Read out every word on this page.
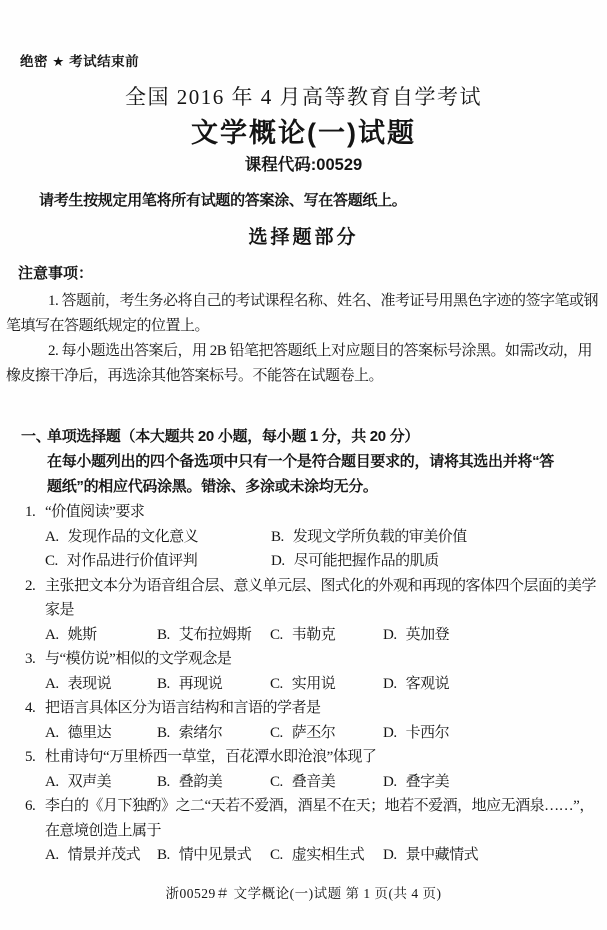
绝密 ★ 考试结束前
全国 2016 年 4 月高等教育自学考试
文学概论(一)试题
课程代码:00529
请考生按规定用笔将所有试题的答案涂、写在答题纸上。
选择题部分
注意事项：
1. 答题前，考生务必将自己的考试课程名称、姓名、准考证号用黑色字迹的签字笔或钢笔填写在答题纸规定的位置上。
2. 每小题选出答案后，用 2B 铅笔把答题纸上对应题目的答案标号涂黑。如需改动，用橡皮擦干净后，再选涂其他答案标号。不能答在试题卷上。
一、
单项选择题（本大题共 20 小题，每小题 1 分，共 20 分）
在每小题列出的四个备选项中只有一个是符合题目要求的，请将其选出并将“答题纸”的相应代码涂黑。错涂、多涂或未涂均无分。
1. “价值阅读”要求
A. 发现作品的文化意义	B. 发现文学所负载的审美价值
C. 对作品进行价值评判	D. 尽可能把握作品的肌质
2. 主张把文本分为语音组合层、意义单元层、图式化的外观和再现的客体四个层面的美学家是
A. 姚斯	B. 艾布拉姆斯 C. 韦勒克	D. 英加登
3. 与“模仿说”相似的文学观念是
A. 表现说	B. 再现说	C. 实用说	D. 客观说
4. 把语言具体区分为语言结构和言语的学者是
A. 德里达	B. 索绪尔	C. 萨丕尔	D. 卡西尔
5. 杜甫诗句“万里桥西一草堂，百花潭水即沧浪”体现了
A. 双声美	B. 叠韵美	C. 叠音美	D. 叠字美
6. 李白的《月下独酌》之二“天若不爱酒，酒星不在天；地若不爱酒，地应无酒泉……”，在意境创造上属于
A. 情景并茂式 B. 情中见景式 C. 虚实相生式 D. 景中藏情式
浙00529＃ 文学概论(一)试题 第 1 页(共 4 页)
